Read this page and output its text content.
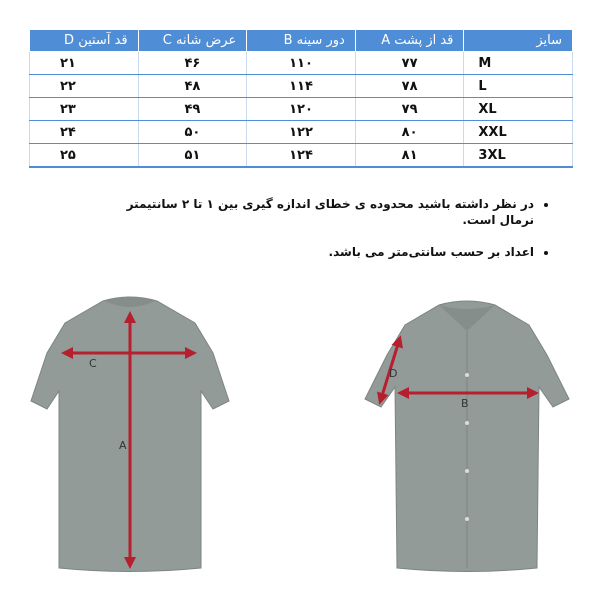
سایز	قد از پشت A	دور سینه B	عرض شانه C	قد آستین D
M	۷۷	۱۱۰	۴۶	۲۱
L	۷۸	۱۱۴	۴۸	۲۲
XL	۷۹	۱۲۰	۴۹	۲۳
XXL	۸۰	۱۲۲	۵۰	۲۴
3XL	۸۱	۱۲۴	۵۱	۲۵
• در نظر داشته باشید محدوده ی خطای اندازه گیری بین ۱ تا ۲ سانتیمتر نرمال است.
• اعداد بر حسب سانتی‌متر می باشد.
C
A
D
B
